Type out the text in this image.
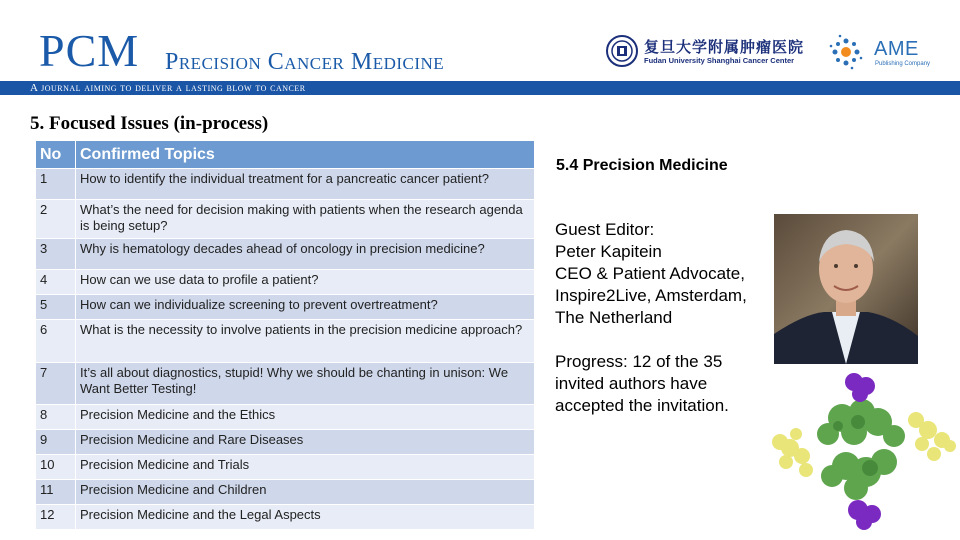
PCM Precision Cancer Medicine
复旦大学附属肿瘤医院
Fudan University Shanghai Cancer Center
AME
Publishing Company
A journal aiming to deliver a lasting blow to cancer
5. Focused Issues (in-process)
No	Confirmed Topics
1	How to identify the individual treatment for a pancreatic cancer patient?
2	What’s the need for decision making with patients when the research agenda is being setup?
3	Why is hematology decades ahead of oncology in precision medicine?
4	How can we use data to profile a patient?
5	How can we individualize screening to prevent overtreatment?
6	What is the necessity to involve patients in the precision medicine approach?
7	It’s all about diagnostics, stupid! Why we should be chanting in unison: We Want Better Testing!
8	Precision Medicine and the Ethics
9	Precision Medicine and Rare Diseases
10	Precision Medicine and Trials
11	Precision Medicine and Children
12	Precision Medicine and the Legal Aspects
5.4 Precision Medicine
Guest Editor:
Peter Kapitein
CEO & Patient Advocate,
Inspire2Live, Amsterdam,
The Netherland
Progress: 12 of the 35 invited authors have accepted the invitation.
